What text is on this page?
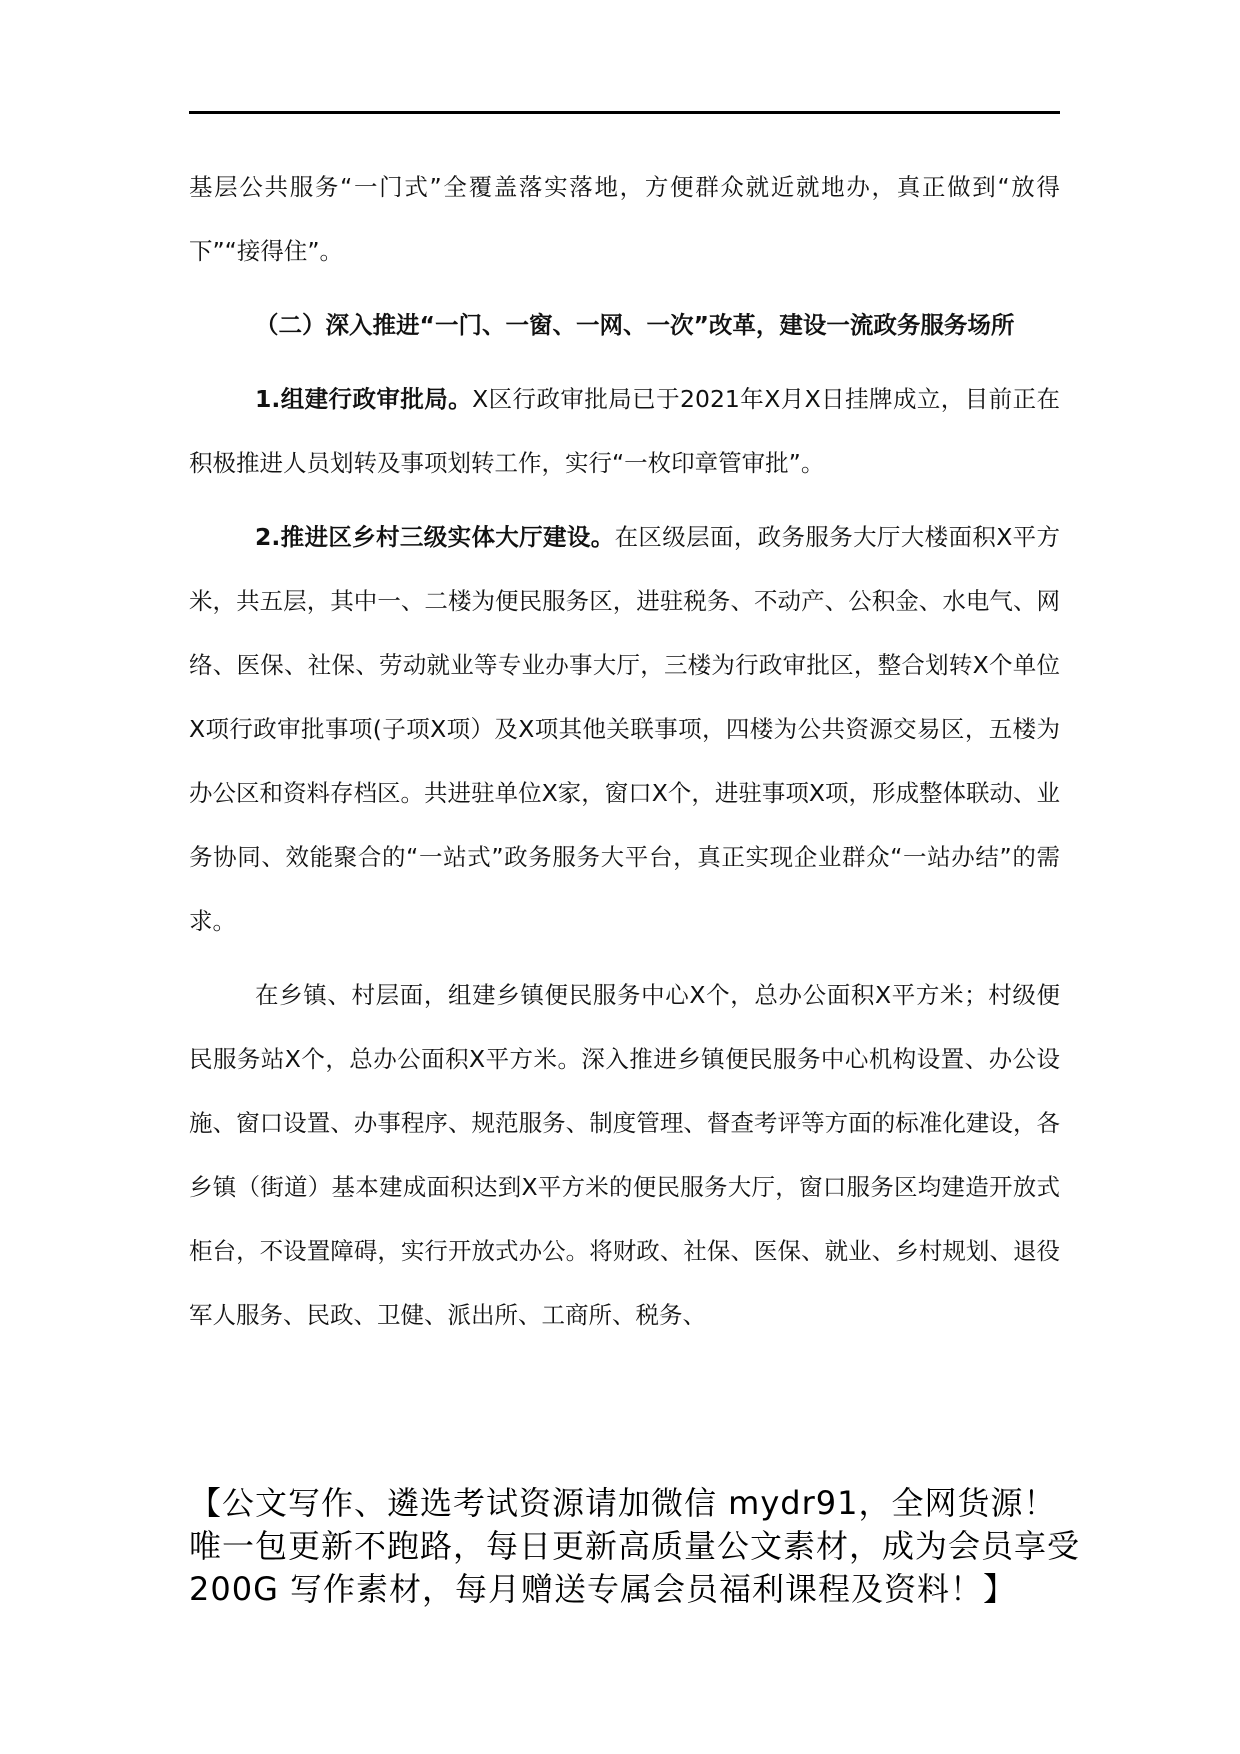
基层公共服务“一门式”全覆盖落实落地，方便群众就近就地办，真正做到“放得下”“接得住”。

（二）深入推进“一门、一窗、一网、一次”改革，建设一流政务服务场所

1.组建行政审批局。X区行政审批局已于2021年X月X日挂牌成立，目前正在积极推进人员划转及事项划转工作，实行“一枚印章管审批”。

2.推进区乡村三级实体大厅建设。在区级层面，政务服务大厅大楼面积X平方米，共五层，其中一、二楼为便民服务区，进驻税务、不动产、公积金、水电气、网络、医保、社保、劳动就业等专业办事大厅，三楼为行政审批区，整合划转X个单位X项行政审批事项(子项X项）及X项其他关联事项，四楼为公共资源交易区，五楼为办公区和资料存档区。共进驻单位X家，窗口X个，进驻事项X项，形成整体联动、业务协同、效能聚合的“一站式”政务服务大平台，真正实现企业群众“一站办结”的需求。

在乡镇、村层面，组建乡镇便民服务中心X个，总办公面积X平方米；村级便民服务站X个，总办公面积X平方米。深入推进乡镇便民服务中心机构设置、办公设施、窗口设置、办事程序、规范服务、制度管理、督查考评等方面的标准化建设，各乡镇（街道）基本建成面积达到X平方米的便民服务大厅，窗口服务区均建造开放式柜台，不设置障碍，实行开放式办公。将财政、社保、医保、就业、乡村规划、退役军人服务、民政、卫健、派出所、工商所、税务、

【公文写作、遴选考试资源请加微信 mydr91，全网货源！唯一包更新不跑路，每日更新高质量公文素材，成为会员享受 200G 写作素材，每月赠送专属会员福利课程及资料！】
